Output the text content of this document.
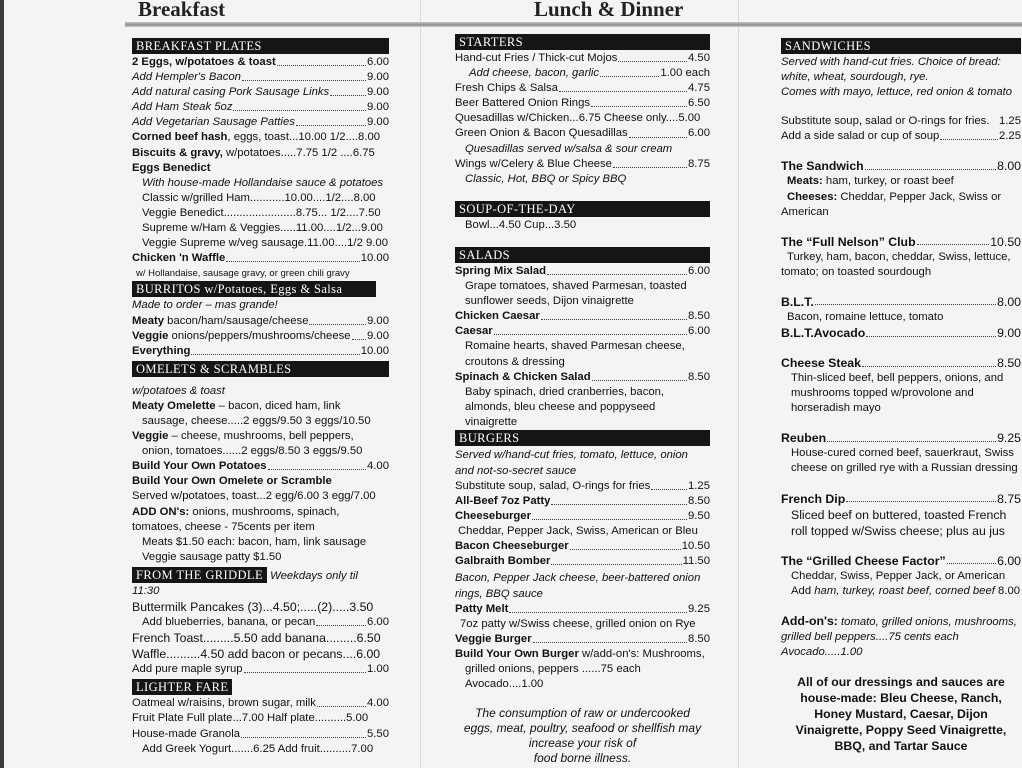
Breakfast	Lunch & Dinner
BREAKFAST PLATES
2 Eggs, w/potatoes & toast	6.00
Add Hempler's Bacon	9.00
Add natural casing Pork Sausage Links	9.00
Add Ham Steak 5oz	9.00
Add Vegetarian Sausage Patties	9.00
Corned beef hash, eggs, toast...10.00 1/2....8.00
Biscuits & gravy, w/potatoes.....7.75 1/2 ....6.75
Eggs Benedict
With house-made Hollandaise sauce & potatoes
Classic w/grilled Ham...........10.00....1/2....8.00
Veggie Benedict.......................8.75... 1/2....7.50
Supreme w/Ham & Veggies.....11.00....1/2...9.00
Veggie Supreme w/veg sausage.11.00....1/2 9.00
Chicken 'n Waffle	10.00
w/ Hollandaise, sausage gravy, or green chili gravy
BURRITOS w/Potatoes, Eggs & Salsa
Made to order – mas grande!
Meaty bacon/ham/sausage/cheese	9.00
Veggie onions/peppers/mushrooms/cheese 9.00
Everything	10.00
OMELETS & SCRAMBLES
w/potatoes & toast
Meaty Omelette – bacon, diced ham, link
sausage, cheese.....2 eggs/9.50 3 eggs/10.50
Veggie – cheese, mushrooms, bell peppers,
onion, tomatoes......2 eggs/8.50 3 eggs/9.50
Build Your Own Potatoes	4.00
Build Your Own Omelete or Scramble
Served w/potatoes, toast...2 egg/6.00 3 egg/7.00
ADD ON's: onions, mushrooms, spinach,
tomatoes, cheese - 75cents per item
Meats $1.50 each: bacon, ham, link sausage
Veggie sausage patty $1.50
FROM THE GRIDDLE Weekdays only til
11:30
Buttermilk Pancakes (3)...4.50;.....(2).....3.50
Add blueberries, banana, or pecan	6.00
French Toast.........5.50 add banana.........6.50
Waffle..........4.50 add bacon or pecans....6.00
Add pure maple syrup	1.00
LIGHTER FARE
Oatmeal w/raisins, brown sugar, milk	4.00
Fruit Plate Full plate...7.00 Half plate..........5.00
House-made Granola	5.50
Add Greek Yogurt.......6.25 Add fruit..........7.00
STARTERS
Hand-cut Fries / Thick-cut Mojos	4.50
Add cheese, bacon, garlic	1.00 each
Fresh Chips & Salsa	4.75
Beer Battered Onion Rings	6.50
Quesadillas w/Chicken...6.75 Cheese only....5.00
Green Onion & Bacon Quesadillas	6.00
Quesadillas served w/salsa & sour cream
Wings w/Celery & Blue Cheese	8.75
Classic, Hot, BBQ or Spicy BBQ
SOUP-OF-THE-DAY
Bowl...4.50 Cup...3.50
SALADS
Spring Mix Salad	6.00
Grape tomatoes, shaved Parmesan, toasted
sunflower seeds, Dijon vinaigrette
Chicken Caesar	8.50
Caesar	6.00
Romaine hearts, shaved Parmesan cheese,
croutons & dressing
Spinach & Chicken Salad	8.50
Baby spinach, dried cranberries, bacon,
almonds, bleu cheese and poppyseed
vinaigrette
BURGERS
Served w/hand-cut fries, tomato, lettuce, onion
and not-so-secret sauce
Substitute soup, salad, O-rings for fries	1.25
All-Beef 7oz Patty	8.50
Cheeseburger	9.50
Cheddar, Pepper Jack, Swiss, American or Bleu
Bacon Cheeseburger	10.50
Galbraith Bomber	11.50
Bacon, Pepper Jack cheese, beer-battered onion
rings, BBQ sauce
Patty Melt	9.25
7oz patty w/Swiss cheese, grilled onion on Rye
Veggie Burger	8.50
Build Your Own Burger w/add-on's: Mushrooms,
grilled onions, peppers ......75 each
Avocado....1.00
The consumption of raw or undercooked
eggs, meat, poultry, seafood or shellfish may
increase your risk of
food borne illness.
SANDWICHES
Served with hand-cut fries. Choice of bread:
white, wheat, sourdough, rye.
Comes with mayo, lettuce, red onion & tomato
Substitute soup, salad or O-rings for fries. 1.25
Add a side salad or cup of soup	2.25
The Sandwich	8.00
Meats: ham, turkey, or roast beef
Cheeses: Cheddar, Pepper Jack, Swiss or
American
The “Full Nelson” Club	10.50
Turkey, ham, bacon, cheddar, Swiss, lettuce,
tomato; on toasted sourdough
B.L.T.	8.00
Bacon, romaine lettuce, tomato
B.L.T.Avocado	9.00
Cheese Steak	8.50
Thin-sliced beef, bell peppers, onions, and
mushrooms topped w/provolone and
horseradish mayo
Reuben	9.25
House-cured corned beef, sauerkraut, Swiss
cheese on grilled rye with a Russian dressing
French Dip	8.75
Sliced beef on buttered, toasted French
roll topped w/Swiss cheese; plus au jus
The “Grilled Cheese Factor”	6.00
Cheddar, Swiss, Pepper Jack, or American
Add ham, turkey, roast beef, corned beef 8.00
Add-on's: tomato, grilled onions, mushrooms,
grilled bell peppers....75 cents each
Avocado.....1.00
All of our dressings and sauces are
house-made: Bleu Cheese, Ranch,
Honey Mustard, Caesar, Dijon
Vinaigrette, Poppy Seed Vinaigrette,
BBQ, and Tartar Sauce
